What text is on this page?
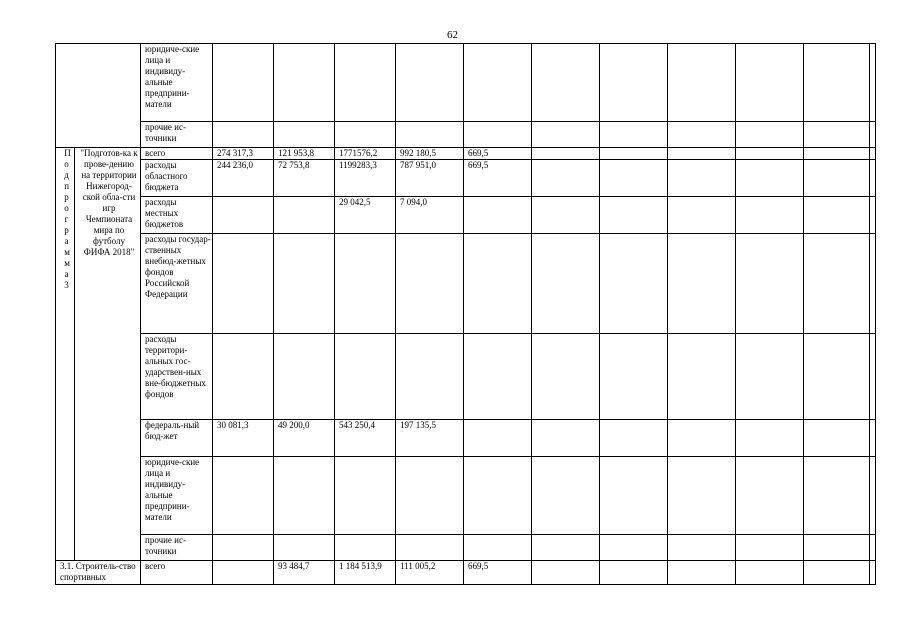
62
		юридиче-ские лица и индивиду-альные предприни-матели											
		прочие ис-точники											

Подпрограмма 3	"Подготов-ка к прове-дению на территории Нижегород-ской обла-сти игр Чемпионата мира по футболу ФИФА 2018"	всего	274 317,3	121 953,8	1771576,2	992 180,5	669,5						
		расходы областного бюджета	244 236,0	72 753,8	1199283,3	787 951,0	669,5						
		расходы местных бюджетов			29 042,5	7 094,0							
		расходы государ-ственных внебюд-жетных фондов Российской Федерации											
		расходы территори-альных гос-ударствен-ных вне-бюджетных фондов											
		федераль-ный бюд-жет	30 081,3	49 200,0	543 250,4	197 135,5							
		юридиче-ские лица и индивиду-альные предприни-матели											
		прочие ис-точники											
3.1. Строитель-ство спортивных		всего		93 484,7	1 184 513,9	111 005,2	669,5						
